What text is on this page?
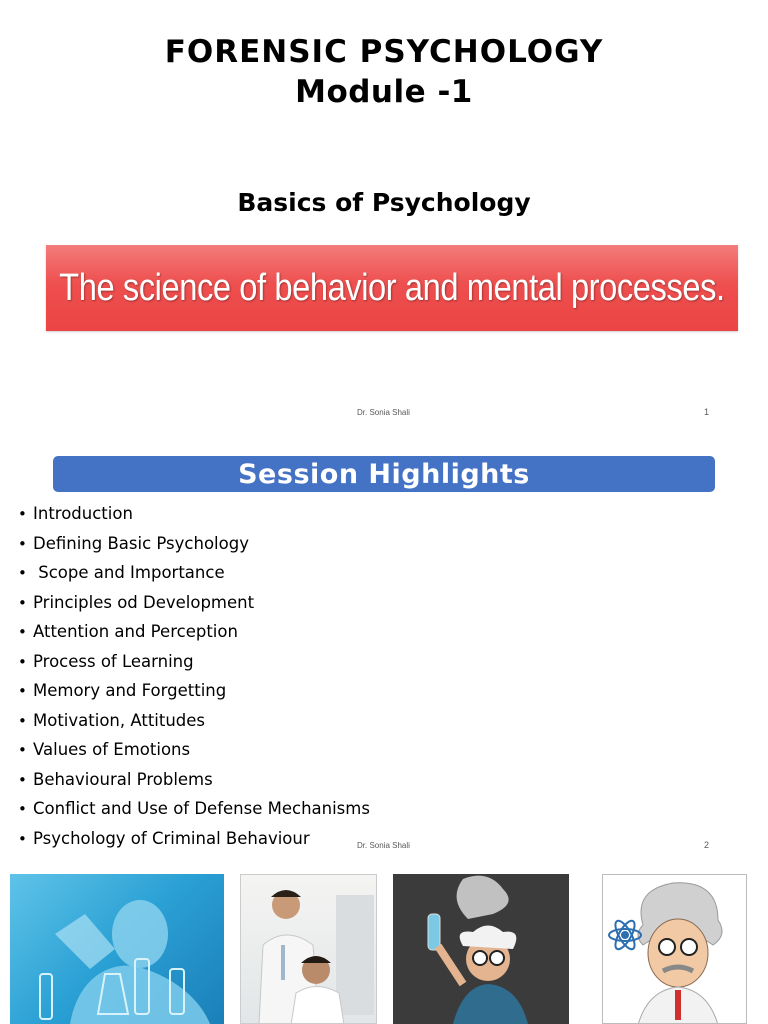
FORENSIC PSYCHOLOGY
Module -1
Basics of Psychology
The science of behavior and mental processes.
Dr. Sonia Shali	1
Session Highlights
• Introduction
• Defining Basic Psychology
• Scope and Importance
• Principles od Development
• Attention and Perception
• Process of Learning
• Memory and Forgetting
• Motivation, Attitudes
• Values of Emotions
• Behavioural Problems
• Conflict and Use of Defense Mechanisms
• Psychology of Criminal Behaviour	Dr. Sonia Shali	2
